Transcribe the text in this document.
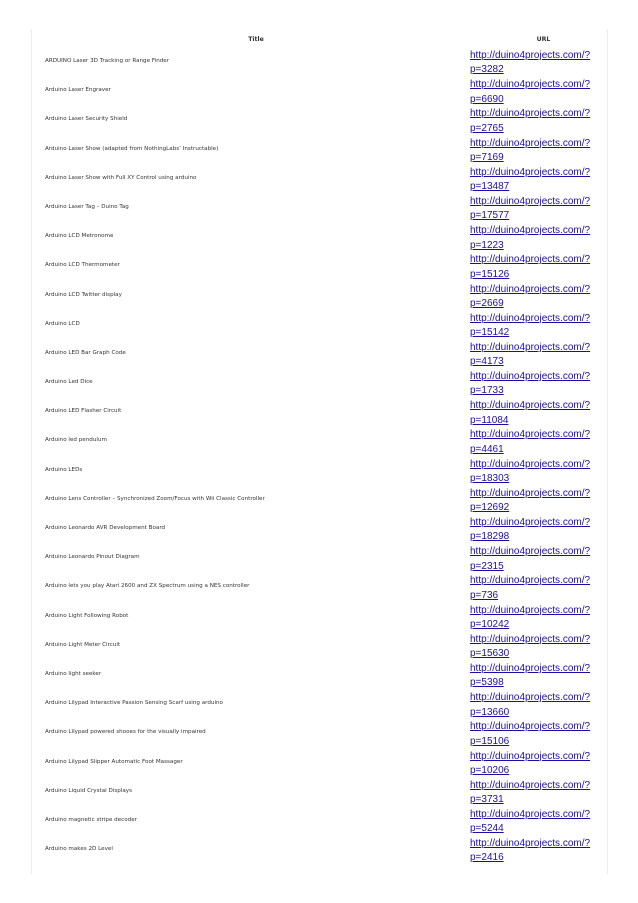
Title	URL
ARDUINO Laser 3D Tracking or Range Finder	http://duino4projects.com/?
p=3282
Arduino Laser Engraver	http://duino4projects.com/?
p=6690
Arduino Laser Security Shield	http://duino4projects.com/?
p=2765
Arduino Laser Show (adapted from NothingLabs’ Instructable)	http://duino4projects.com/?
p=7169
Arduino Laser Show with Full XY Control using arduino	http://duino4projects.com/?
p=13487
Arduino Laser Tag – Duino Tag	http://duino4projects.com/?
p=17577
Arduino LCD Metronome	http://duino4projects.com/?
p=1223
Arduino LCD Thermometer	http://duino4projects.com/?
p=15126
Arduino LCD Twitter display	http://duino4projects.com/?
p=2669
Arduino LCD	http://duino4projects.com/?
p=15142
Arduino LED Bar Graph Code	http://duino4projects.com/?
p=4173
Arduino Led Dice	http://duino4projects.com/?
p=1733
Arduino LED Flasher Circuit	http://duino4projects.com/?
p=11084
Arduino led pendulum	http://duino4projects.com/?
p=4461
Arduino LEDs	http://duino4projects.com/?
p=18303
Arduino Lens Controller – Synchronized Zoom/Focus with Wii Classic Controller	http://duino4projects.com/?
p=12692
Arduino Leonardo AVR Development Board	http://duino4projects.com/?
p=18298
Arduino Leonardo Pinout Diagram	http://duino4projects.com/?
p=2315
Arduino lets you play Atari 2600 and ZX Spectrum using a NES controller	http://duino4projects.com/?
p=736
Arduino Light Following Robot	http://duino4projects.com/?
p=10242
Arduino Light Meter Circuit	http://duino4projects.com/?
p=15630
Arduino light seeker	http://duino4projects.com/?
p=5398
Arduino Lilypad Interactive Passion Sensing Scarf using arduino	http://duino4projects.com/?
p=13660
Arduino Lilypad powered shooes for the visually impaired	http://duino4projects.com/?
p=15106
Arduino Lilypad Slipper Automatic Foot Massager	http://duino4projects.com/?
p=10206
Arduino Liquid Crystal Displays	http://duino4projects.com/?
p=3731
Arduino magnetic stripe decoder	http://duino4projects.com/?
p=5244
Arduino makes 2D Level	http://duino4projects.com/?
p=2416
